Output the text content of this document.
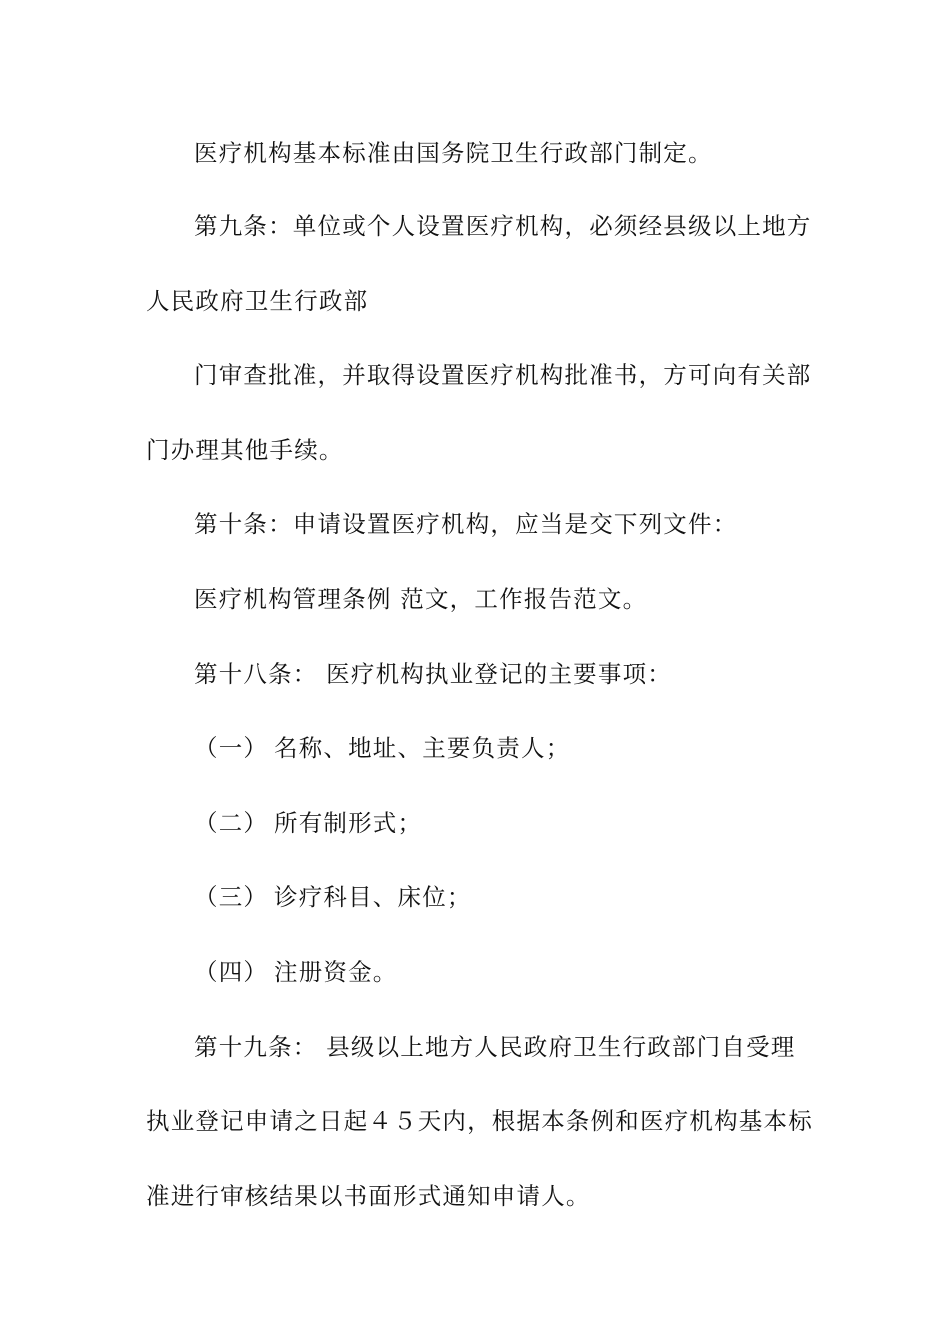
医疗机构基本标准由国务院卫生行政部门制定。
第九条：单位或个人设置医疗机构，必须经县级以上地方
人民政府卫生行政部
门审查批准，并取得设置医疗机构批准书，方可向有关部
门办理其他手续。
第十条：申请设置医疗机构，应当是交下列文件：
医疗机构管理条例 范文，工作报告范文。
第十八条： 医疗机构执业登记的主要事项：
（一） 名称、地址、主要负责人；
（二） 所有制形式；
（三） 诊疗科目、床位；
（四） 注册资金。
第十九条： 县级以上地方人民政府卫生行政部门自受理
执业登记申请之日起４５天内，根据本条例和医疗机构基本标
准进行审核结果以书面形式通知申请人。
